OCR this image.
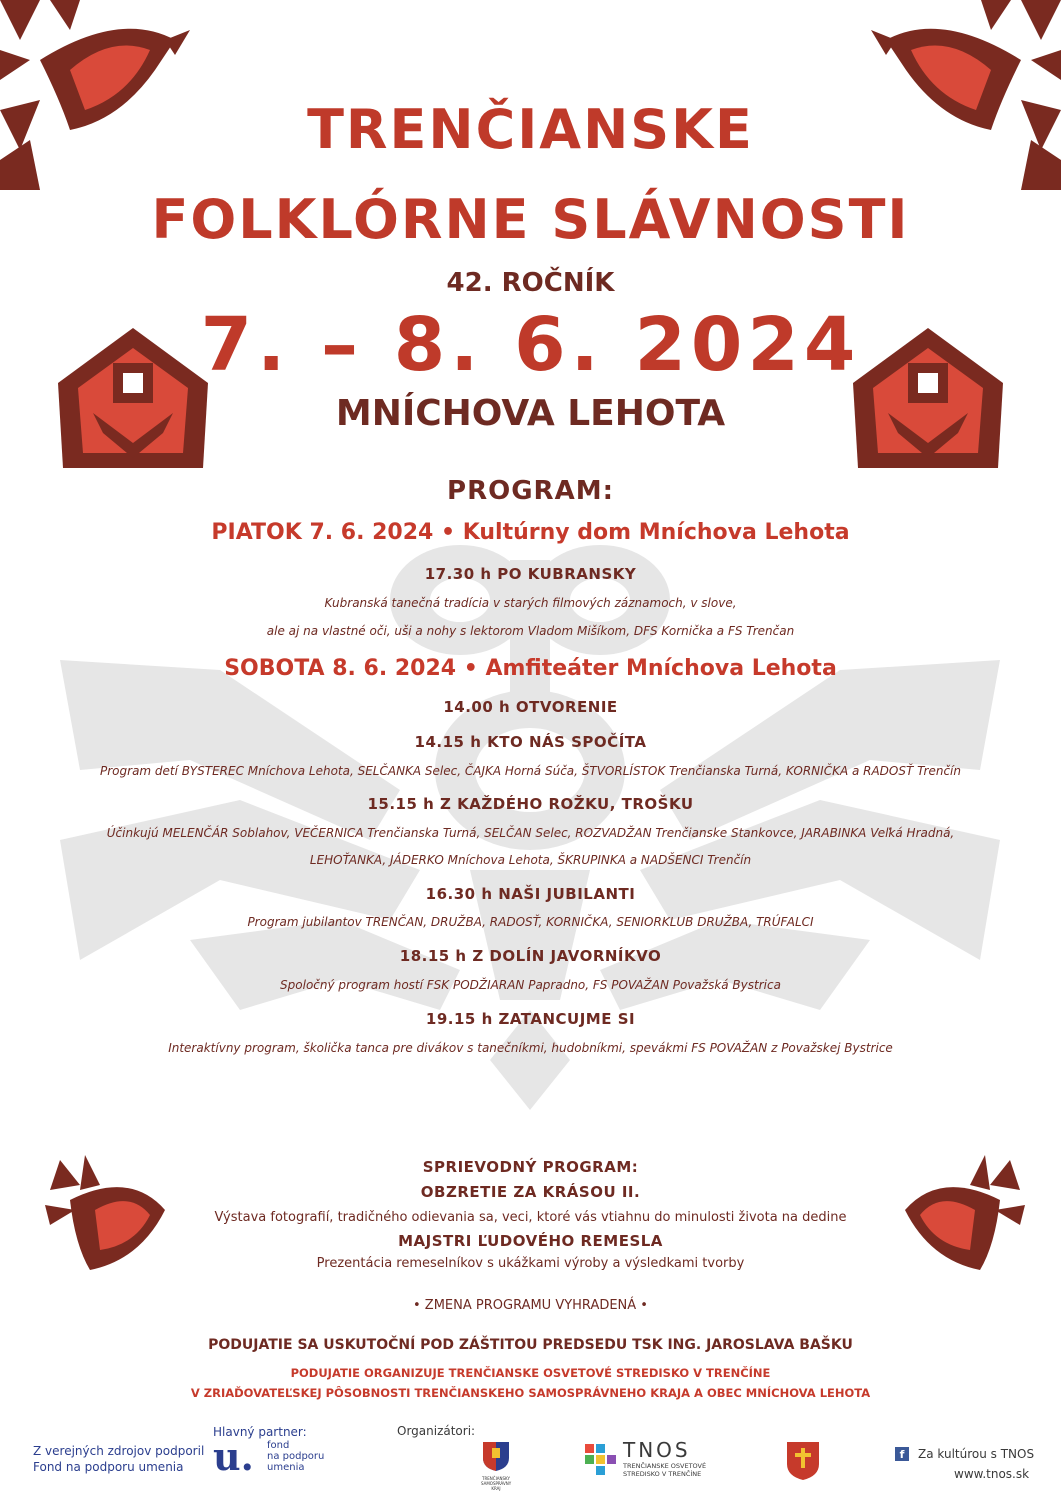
TRENČIANSKE
FOLKLÓRNE SLÁVNOSTI
42. ROČNÍK
7. – 8. 6. 2024
MNÍCHOVA LEHOTA
PROGRAM:
PIATOK 7. 6. 2024 • Kultúrny dom Mníchova Lehota
17.30 h PO KUBRANSKY
Kubranská tanečná tradícia v starých filmových záznamoch, v slove,
ale aj na vlastné oči, uši a nohy s lektorom Vladom Mišíkom, DFS Kornička a FS Trenčan
SOBOTA 8. 6. 2024 • Amfiteáter Mníchova Lehota
14.00 h OTVORENIE
14.15 h KTO NÁS SPOČÍTA
Program detí BYSTEREC Mníchova Lehota, SELČANKA Selec, ČAJKA Horná Súča, ŠTVORLÍSTOK Trenčianska Turná, KORNIČKA a RADOSŤ Trenčín
15.15 h Z KAŽDÉHO ROŽKU, TROŠKU
Účinkujú MELENČÁR Soblahov, VEČERNICA Trenčianska Turná, SELČAN Selec, ROZVADŽAN Trenčianske Stankovce, JARABINKA Veľká Hradná,
LEHOŤANKA, JÁDERKO Mníchova Lehota, ŠKRUPINKA a NADŠENCI Trenčín
16.30 h NAŠI JUBILANTI
Program jubilantov TRENČAN, DRUŽBA, RADOSŤ, KORNIČKA, SENIORKLUB DRUŽBA, TRÚFALCI
18.15 h Z DOLÍN JAVORNÍKVO
Spoločný program hostí FSK PODŽIARAN Papradno, FS POVAŽAN Považská Bystrica
19.15 h ZATANCUJME SI
Interaktívny program, školička tanca pre divákov s tanečníkmi, hudobníkmi, spevákmi FS POVAŽAN z Považskej Bystrice
SPRIEVODNÝ PROGRAM:
OBZRETIE ZA KRÁSOU II.
Výstava fotografií, tradičného odievania sa, veci, ktoré vás vtiahnu do minulosti života na dedine
MAJSTRI ĽUDOVÉHO REMESLA
Prezentácia remeselníkov s ukážkami výroby a výsledkami tvorby
• ZMENA PROGRAMU VYHRADENÁ •
PODUJATIE SA USKUTOČNÍ POD ZÁŠTITOU PREDSEDU TSK ING. JAROSLAVA BAŠKU
PODUJATIE ORGANIZUJE TRENČIANSKE OSVETOVÉ STREDISKO V TRENČÍNE
V ZRIAĎOVATEĽSKEJ PÔSOBNOSTI TRENČIANSKEHO SAMOSPRÁVNEHO KRAJA A OBEC MNÍCHOVA LEHOTA
Z verejných zdrojov podporil
Fond na podporu umenia
Hlavný partner:
u. fond
na podporu
umenia
Organizátori:
TRENČIANSKY SAMOSPRÁVNY KRAJ
TNOS
TRENČIANSKE OSVETOVÉ
STREDISKO V TRENČÍNE
f	Za kultúrou s TNOS
www.tnos.sk
